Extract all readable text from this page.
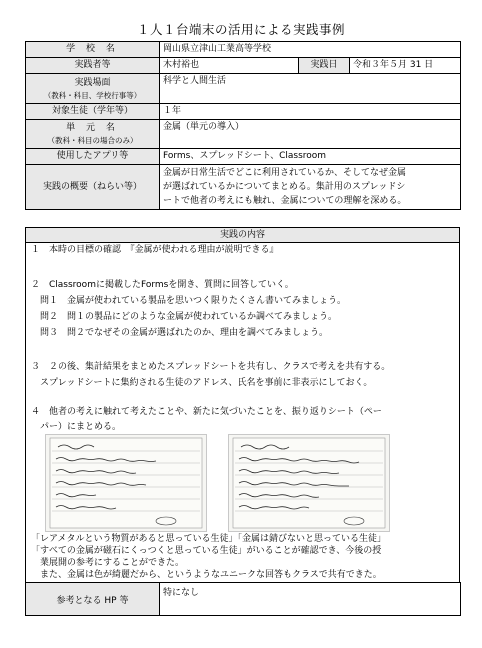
１人１台端末の活用による実践事例
学 校 名	岡山県立津山工業高等学校		
実践者等	木村裕也	実践日	令和３年５月 31 日

実践場面
（教科・科目、学校行事等）	科学と人間生活		
対象生徒（学年等）	１年		

単 元 名
（教科・科目の場合のみ）	金属（単元の導入）		
使用したアプリ等	Forms、スプレッドシート、Classroom		
実践の概要（ねらい等）	金属が日常生活でどこに利用されているか、そしてなぜ金属
が選ばれているかについてまとめる。集計用のスプレッドシ
ートで他者の考えにも触れ、金属についての理解を深める。		
実践の内容
１　本時の目標の確認　『金属が使われる理由が説明できる』
２　Classroomに掲載したFormsを開き、質問に回答していく。
問１　金属が使われている製品を思いつく限りたくさん書いてみましょう。
問２　問１の製品にどのような金属が使われているか調べてみましょう。
問３　問２でなぜその金属が選ばれたのか、理由を調べてみましょう。
３　２の後、集計結果をまとめたスプレッドシートを共有し、クラスで考えを共有する。
スプレッドシートに集約される生徒のアドレス、氏名を事前に非表示にしておく。
４　他者の考えに触れて考えたことや、新たに気づいたことを、振り返りシート（ペー
パー）にまとめる。
「レアメタルという物質があると思っている生徒」「金属は錆びないと思っている生徒」
「すべての金属が磁石にくっつくと思っている生徒」がいることが確認でき、今後の授
業展開の参考にすることができた。
参考となる HP 等	特になし
また、金属は色が綺麗だから、というようなユニークな回答もクラスで共有できた。
